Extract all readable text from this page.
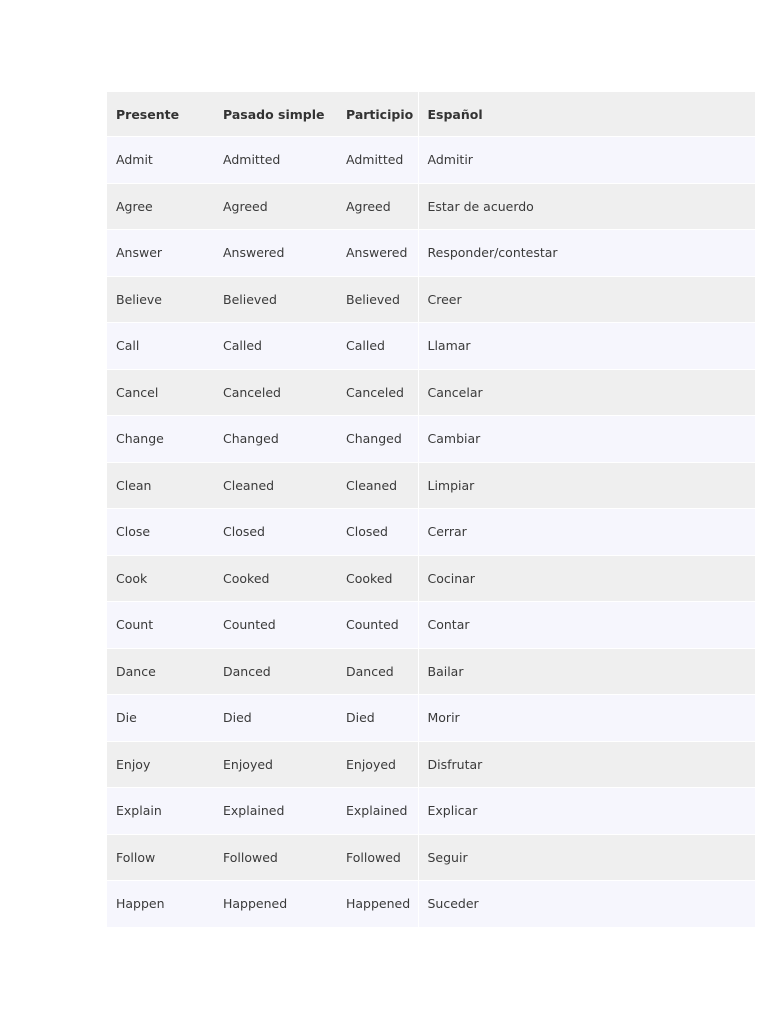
Presente	Pasado simple	Participio	Español
Admit	Admitted	Admitted	Admitir
Agree	Agreed	Agreed	Estar de acuerdo
Answer	Answered	Answered	Responder/contestar
Believe	Believed	Believed	Creer
Call	Called	Called	Llamar
Cancel	Canceled	Canceled	Cancelar
Change	Changed	Changed	Cambiar
Clean	Cleaned	Cleaned	Limpiar
Close	Closed	Closed	Cerrar
Cook	Cooked	Cooked	Cocinar
Count	Counted	Counted	Contar
Dance	Danced	Danced	Bailar
Die	Died	Died	Morir
Enjoy	Enjoyed	Enjoyed	Disfrutar
Explain	Explained	Explained	Explicar
Follow	Followed	Followed	Seguir
Happen	Happened	Happened	Suceder
